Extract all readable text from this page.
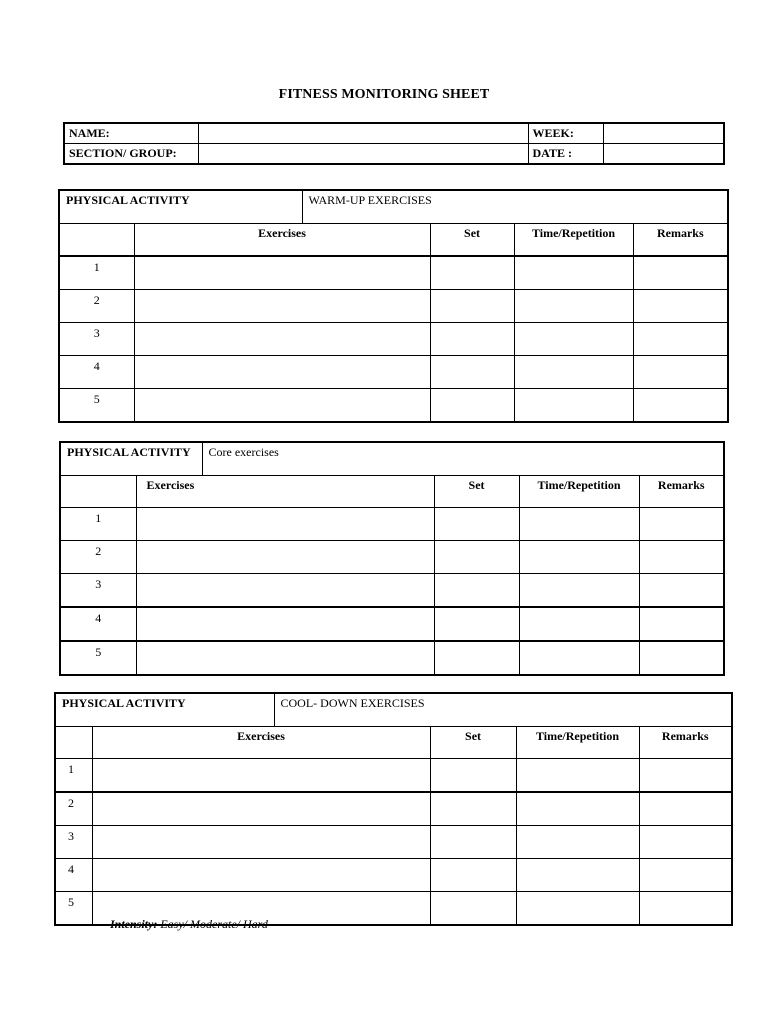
FITNESS MONITORING SHEET
NAME:		WEEK:	
SECTION/ GROUP:		DATE :	
PHYSICAL ACTIVITY		WARM-UP EXERCISES			
	Exercises		Set	Time/Repetition	Remarks
1					
2					
3					
4					
5					
PHYSICAL ACTIVITY		Core exercises			
	Exercises		Set	Time/Repetition	Remarks
1					
2					
3					
4					
5					
PHYSICAL ACTIVITY		COOL- DOWN EXERCISES			
	Exercises		Set	Time/Repetition	Remarks
1					
2					
3					
4					
5					
Intensity: Easy/ Moderate/ Hard
